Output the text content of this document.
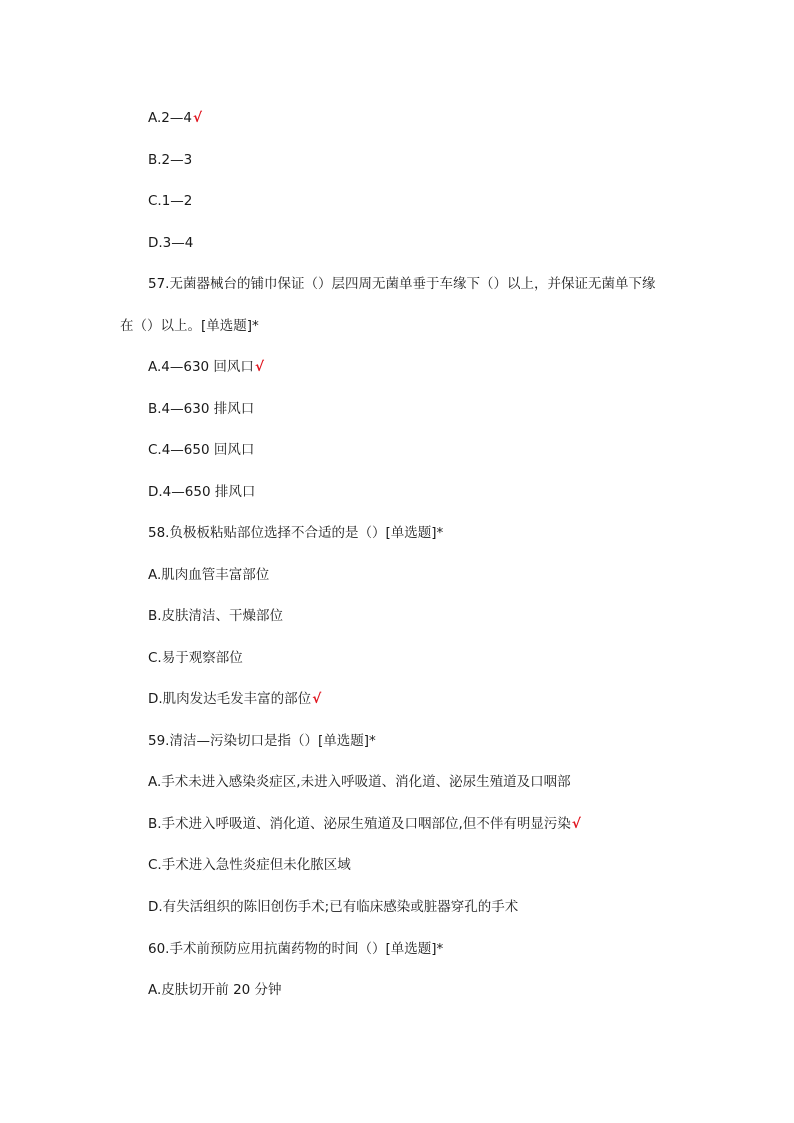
A.2—4√
B.2—3
C.1—2
D.3—4
57.无菌器械台的铺巾保证（）层四周无菌单垂于车缘下（）以上，并保证无菌单下缘
在（）以上。[单选题]*
A.4—630 回风口√
B.4—630 排风口
C.4—650 回风口
D.4—650 排风口
58.负极板粘贴部位选择不合适的是（）[单选题]*
A.肌肉血管丰富部位
B.皮肤清洁、干燥部位
C.易于观察部位
D.肌肉发达毛发丰富的部位√
59.清洁—污染切口是指（）[单选题]*
A.手术未进入感染炎症区,未进入呼吸道、消化道、泌尿生殖道及口咽部
B.手术进入呼吸道、消化道、泌尿生殖道及口咽部位,但不伴有明显污染√
C.手术进入急性炎症但未化脓区域
D.有失活组织的陈旧创伤手术;已有临床感染或脏器穿孔的手术
60.手术前预防应用抗菌药物的时间（）[单选题]*
A.皮肤切开前 20 分钟
